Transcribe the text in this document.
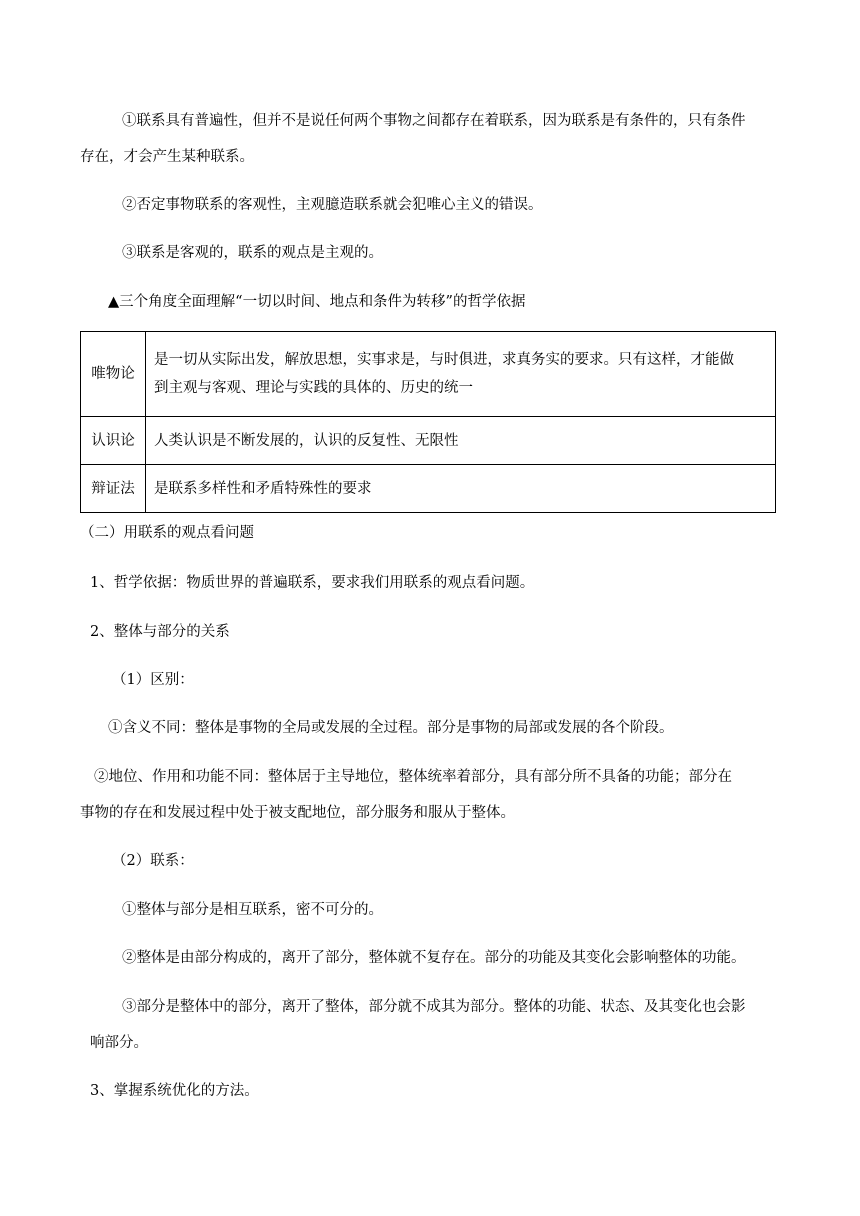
①联系具有普遍性，但并不是说任何两个事物之间都存在着联系，因为联系是有条件的，只有条件
存在，才会产生某种联系。
②否定事物联系的客观性，主观臆造联系就会犯唯心主义的错误。
③联系是客观的，联系的观点是主观的。
▲三个角度全面理解“一切以时间、地点和条件为转移”的哲学依据
唯物论	是一切从实际出发，解放思想，实事求是，与时俱进，求真务实的要求。只有这样，才能做
到主观与客观、理论与实践的具体的、历史的统一

认识论	人类认识是不断发展的，认识的反复性、无限性
辩证法	是联系多样性和矛盾特殊性的要求
（二）用联系的观点看问题
1、哲学依据：物质世界的普遍联系，要求我们用联系的观点看问题。
2、整体与部分的关系
（1）区别：
①含义不同：整体是事物的全局或发展的全过程。部分是事物的局部或发展的各个阶段。
②地位、作用和功能不同：整体居于主导地位，整体统率着部分，具有部分所不具备的功能；部分在
事物的存在和发展过程中处于被支配地位，部分服务和服从于整体。
（2）联系：
①整体与部分是相互联系，密不可分的。
②整体是由部分构成的，离开了部分，整体就不复存在。部分的功能及其变化会影响整体的功能。
③部分是整体中的部分，离开了整体，部分就不成其为部分。整体的功能、状态、及其变化也会影
响部分。
3、掌握系统优化的方法。
